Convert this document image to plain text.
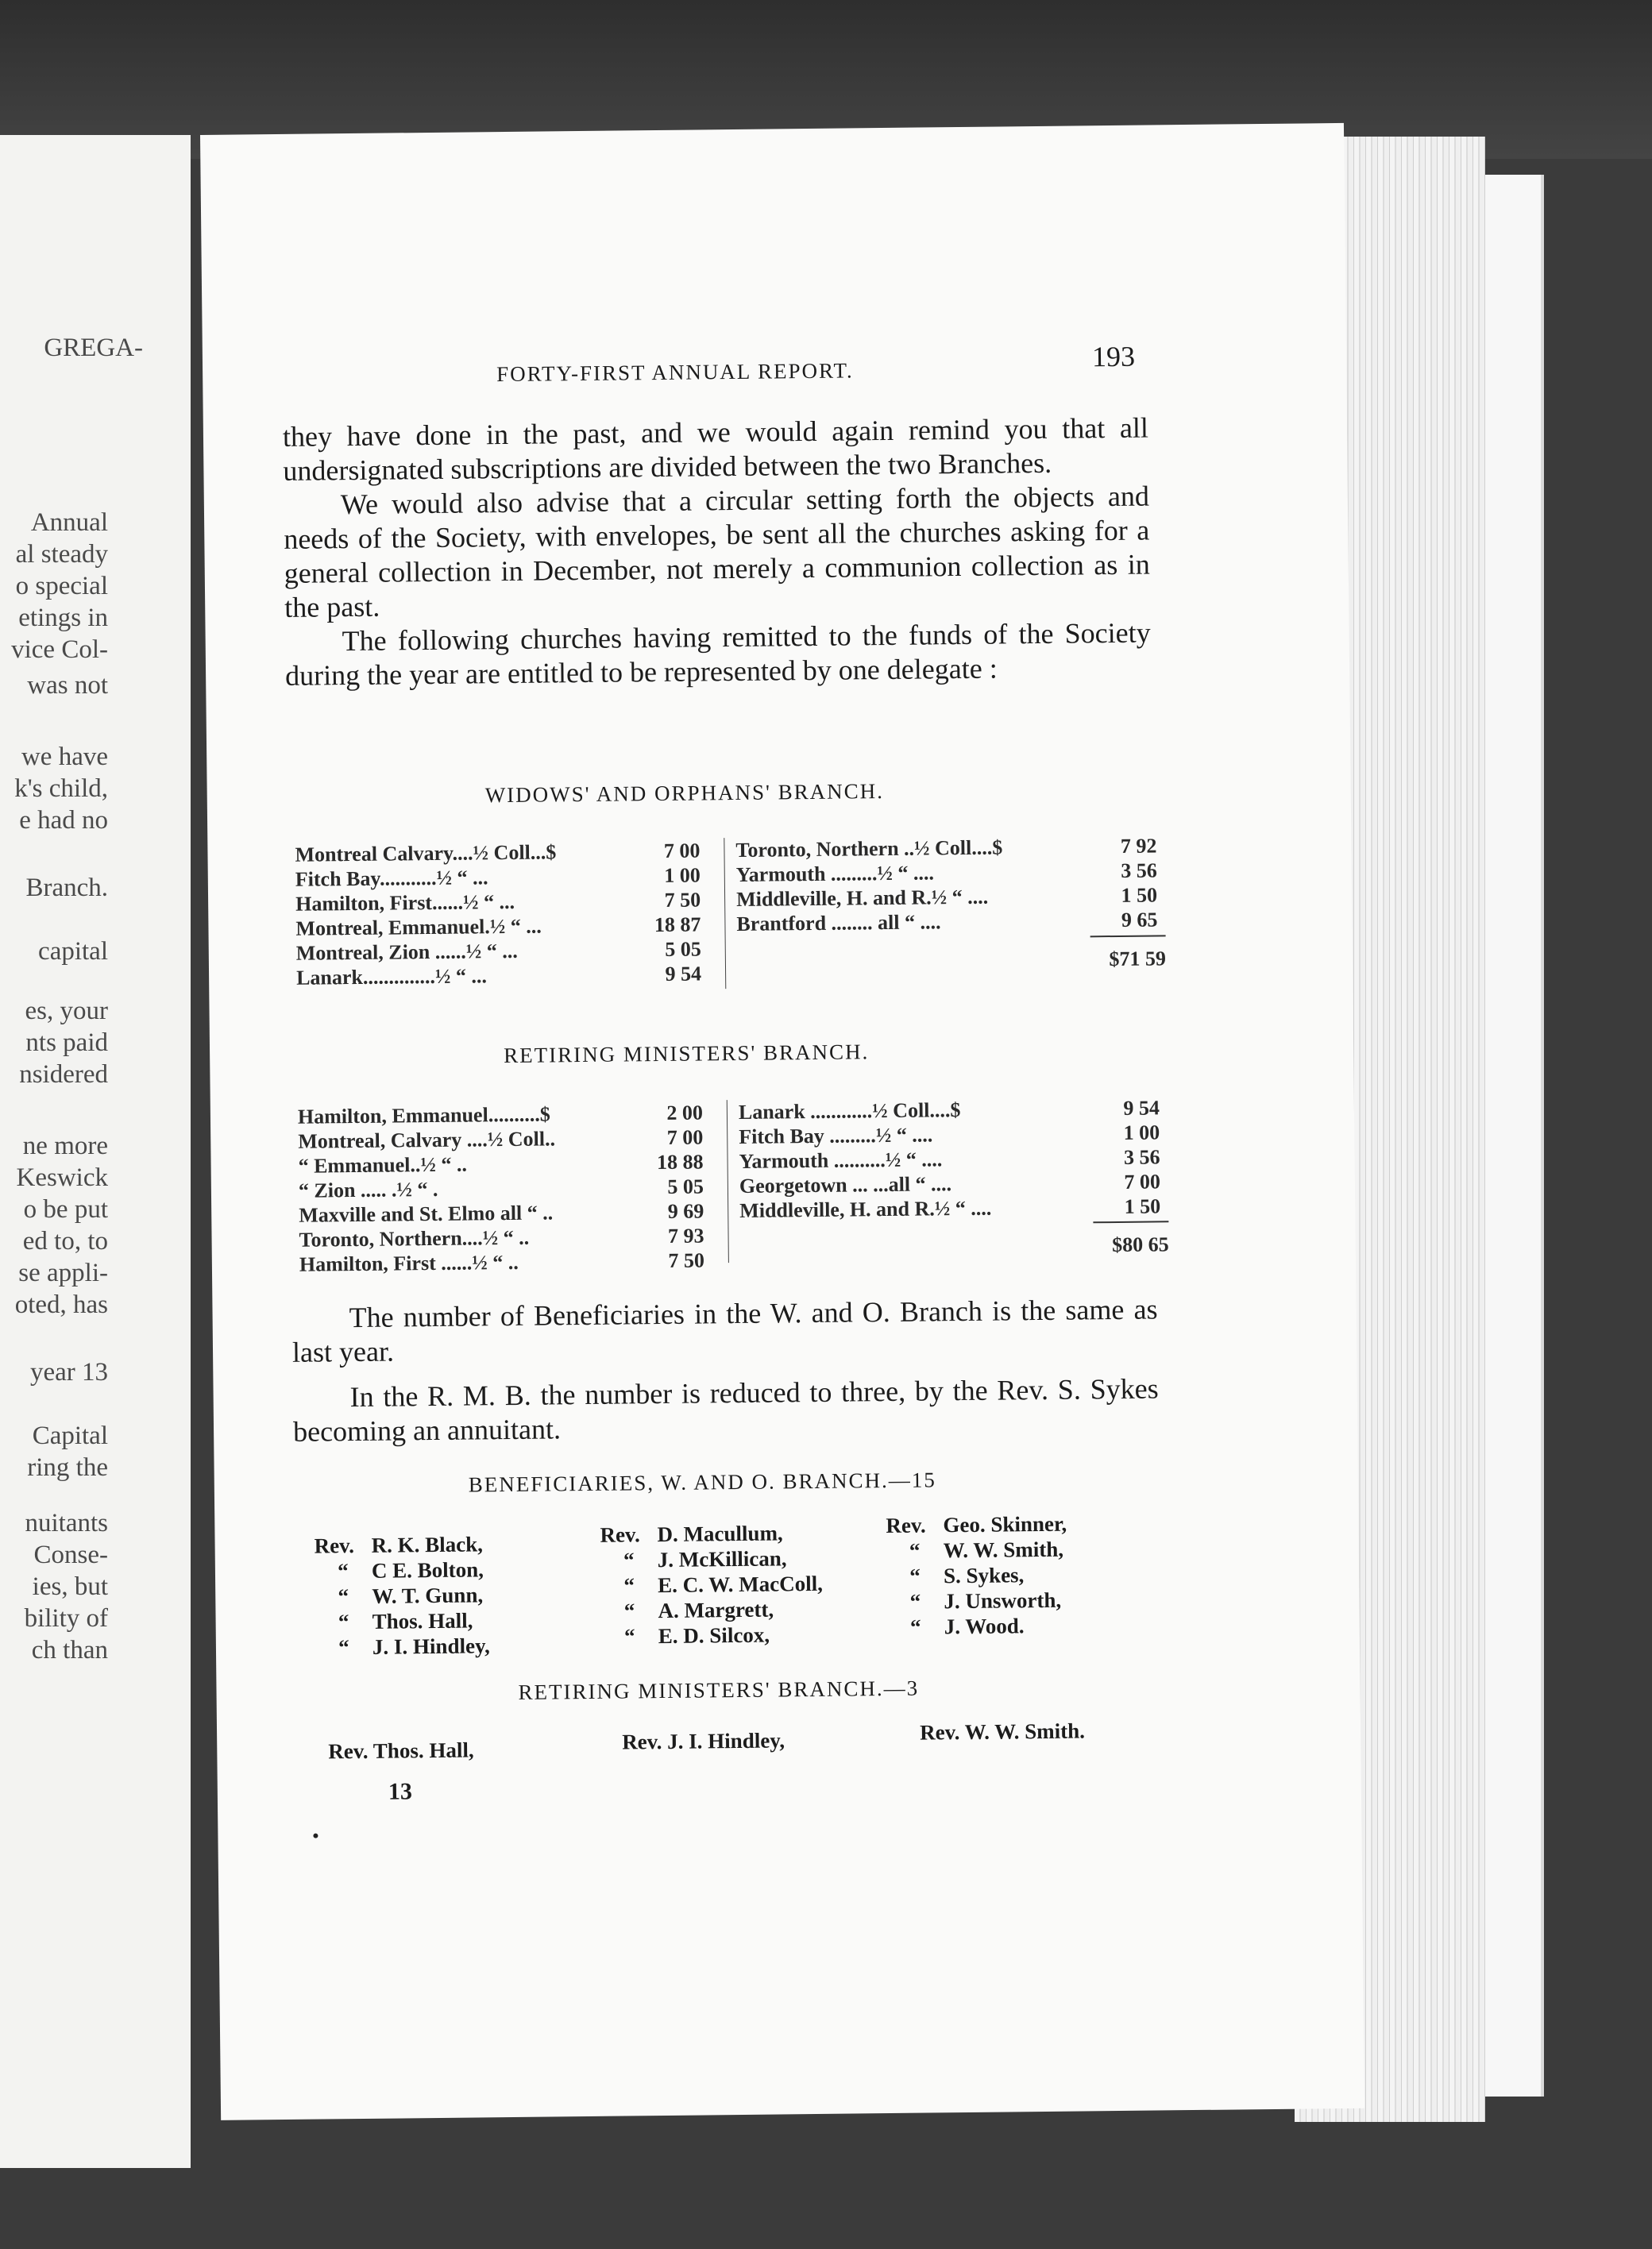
GREGA-
Annual
al steady
o special
etings in
vice Col-
was not
we have
k's child,
e had no
Branch.
capital
es, your
nts paid
nsidered
ne more
Keswick
o be put
ed to, to
se appli-
oted, has
year 13
Capital
ring the
nuitants
Conse-
ies, but
bility of
ch than
FORTY-FIRST ANNUAL REPORT.	193

they have done in the past, and we would again remind you that all undersignated subscriptions are divided between the two Branches.

We would also advise that a circular setting forth the objects and needs of the Society, with envelopes, be sent all the churches asking for a general collection in December, not merely a communion collection as in the past.

The following churches having remitted to the funds of the Society during the year are entitled to be represented by one delegate :

WIDOWS' AND ORPHANS' BRANCH.
Montreal Calvary....½ Coll...$	7 00
Fitch Bay...........½ “ ...	1 00
Hamilton, First......½ “ ...	7 50
Montreal, Emmanuel.½ “ ...	18 87
Montreal, Zion ......½ “ ...	5 05
Lanark..............½ “ ...	9 54
Toronto, Northern ..½ Coll....$	7 92
Yarmouth .........½ “ ....	3 56
Middleville, H. and R.½ “ ....	1 50
Brantford ........ all “ ....	9 65
$71 59
RETIRING MINISTERS' BRANCH.
Hamilton, Emmanuel..........$	2 00
Montreal, Calvary ....½ Coll..	7 00
“ Emmanuel..½ “ ..	18 88
“ Zion ..... .½ “ .	5 05
Maxville and St. Elmo all “ ..	9 69
Toronto, Northern....½ “ ..	7 93
Hamilton, First ......½ “ ..	7 50
Lanark ............½ Coll....$	9 54
Fitch Bay .........½ “ ....	1 00
Yarmouth ..........½ “ ....	3 56
Georgetown ... ...all “ ....	7 00
Middleville, H. and R.½ “ ....	1 50
$80 65

The number of Beneficiaries in the W. and O. Branch is the same as last year.

In the R. M. B. the number is reduced to three, by the Rev. S. Sykes becoming an annuitant.

BENEFICIARIES, W. AND O. BRANCH.—15
Rev. R. K. Black,
“	C E. Bolton,
“	W. T. Gunn,
“	Thos. Hall,
“	J. I. Hindley,
Rev. D. Macullum,
“	J. McKillican,
“	E. C. W. MacColl,
“	A. Margrett,
“	E. D. Silcox,
Rev. Geo. Skinner,
“	W. W. Smith,
“	S. Sykes,
“	J. Unsworth,
“	J. Wood.
RETIRING MINISTERS' BRANCH.—3
Rev. Thos. Hall,	Rev. J. I. Hindley,	Rev. W. W. Smith.
13
